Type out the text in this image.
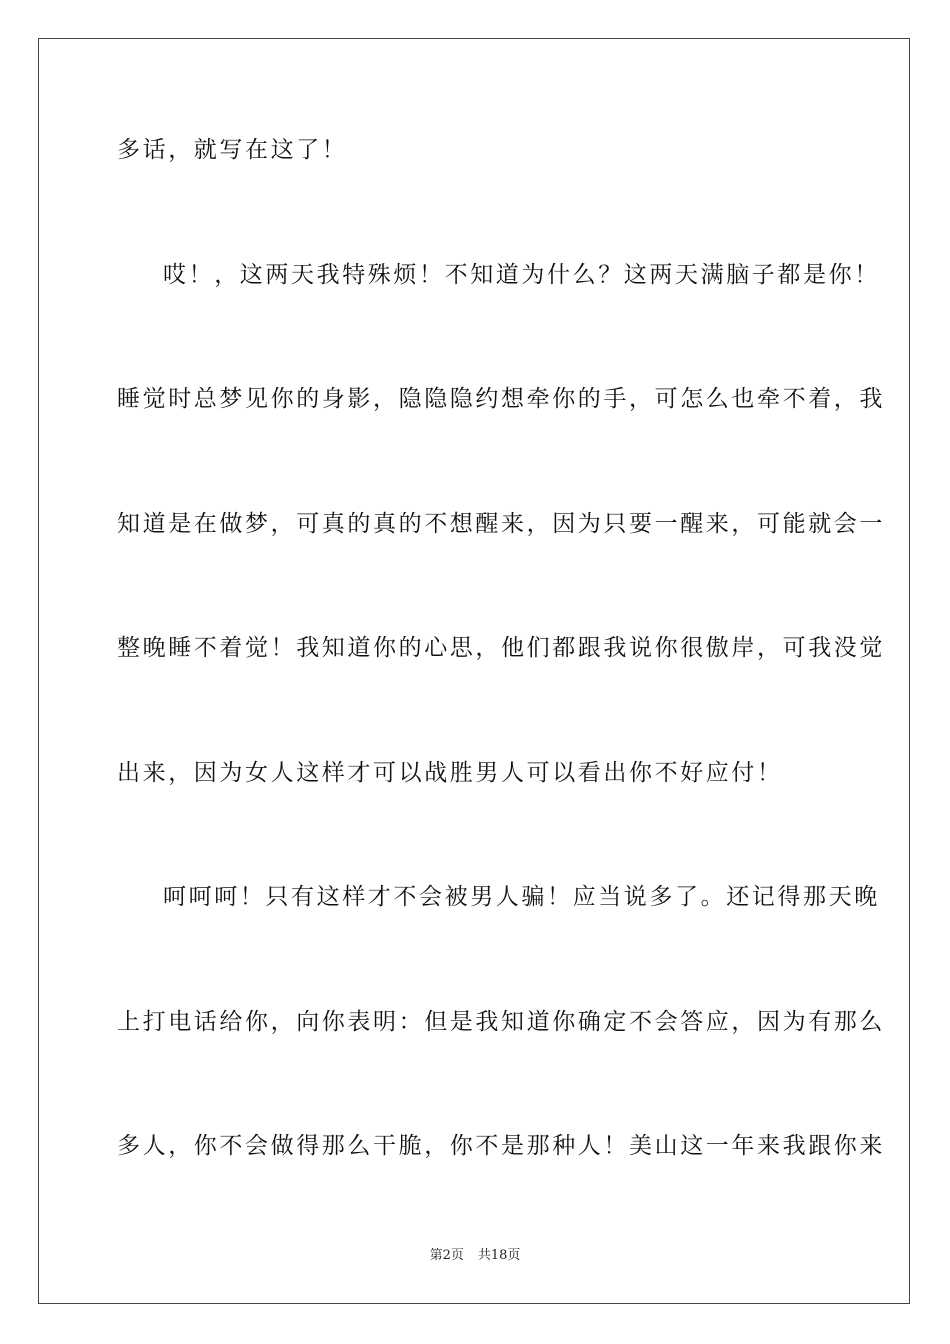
多话，就写在这了！
哎！，这两天我特殊烦！不知道为什么？这两天满脑子都是你！
睡觉时总梦见你的身影，隐隐隐约想牵你的手，可怎么也牵不着，我
知道是在做梦，可真的真的不想醒来，因为只要一醒来，可能就会一
整晚睡不着觉！我知道你的心思，他们都跟我说你很傲岸，可我没觉
出来，因为女人这样才可以战胜男人可以看出你不好应付！
呵呵呵！只有这样才不会被男人骗！应当说多了。还记得那天晚
上打电话给你，向你表明：但是我知道你确定不会答应，因为有那么
多人，你不会做得那么干脆，你不是那种人！美山这一年来我跟你来
第2页 共18页
